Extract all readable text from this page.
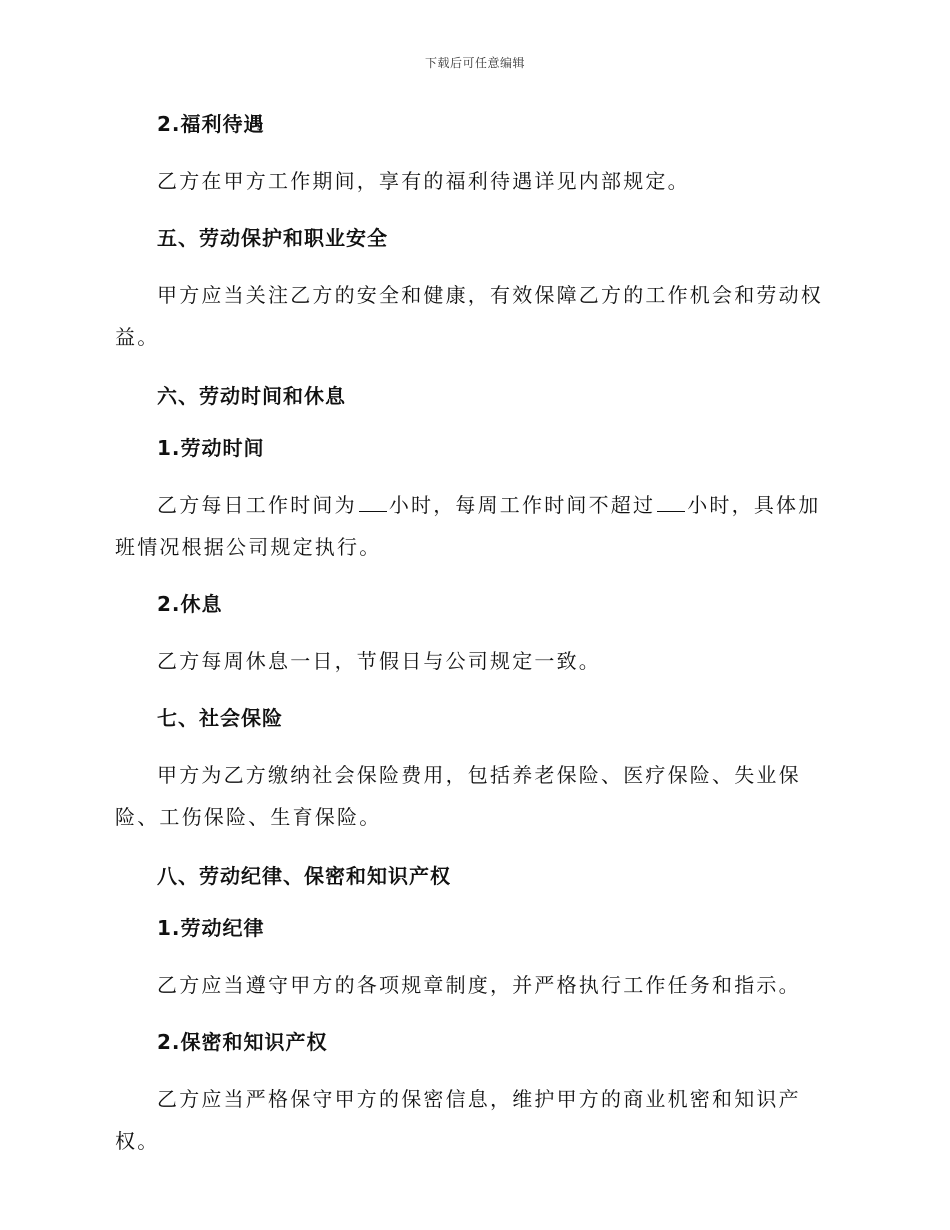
下载后可任意编辑

2.福利待遇

乙方在甲方工作期间，享有的福利待遇详见内部规定。

五、劳动保护和职业安全

甲方应当关注乙方的安全和健康，有效保障乙方的工作机会和劳动权益。

六、劳动时间和休息

1.劳动时间

乙方每日工作时间为 小时，每周工作时间不超过 小时，具体加班情况根据公司规定执行。

2.休息

乙方每周休息一日，节假日与公司规定一致。

七、社会保险

甲方为乙方缴纳社会保险费用，包括养老保险、医疗保险、失业保险、工伤保险、生育保险。

八、劳动纪律、保密和知识产权

1.劳动纪律

乙方应当遵守甲方的各项规章制度，并严格执行工作任务和指示。

2.保密和知识产权

乙方应当严格保守甲方的保密信息，维护甲方的商业机密和知识产权。
